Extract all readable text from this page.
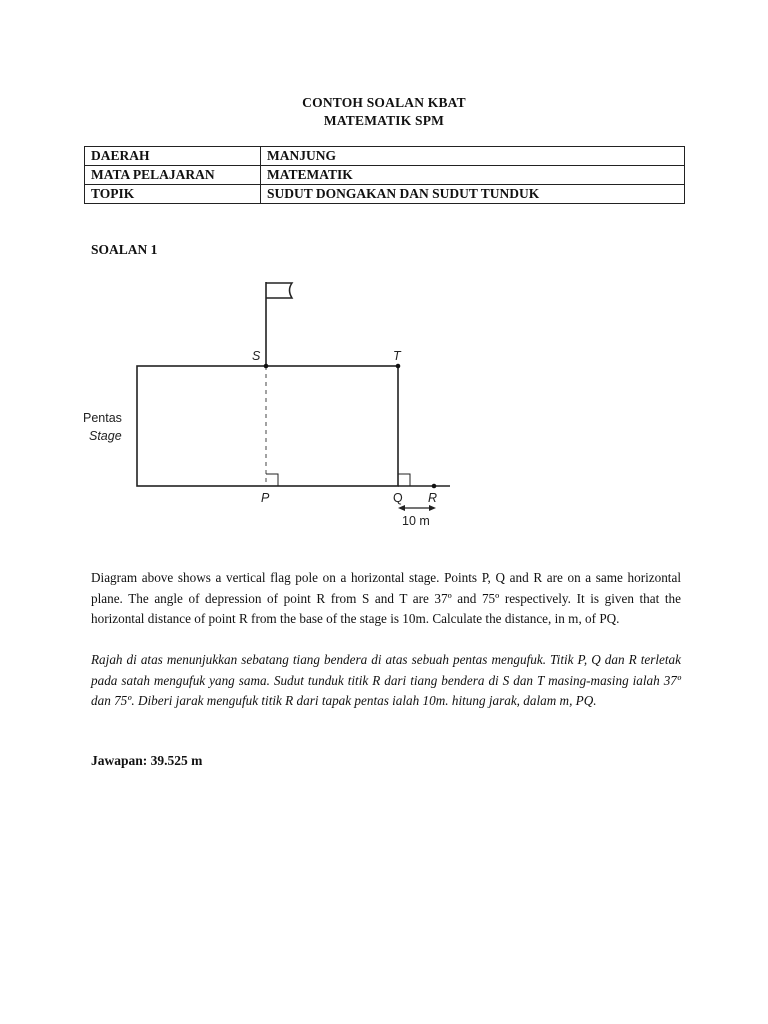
CONTOH SOALAN KBAT
MATEMATIK SPM
DAERAH	MANJUNG
MATA PELAJARAN	MATEMATIK
TOPIK	SUDUT DONGAKAN DAN SUDUT TUNDUK
SOALAN 1
S	T
P	Q R
Pentas
Stage
10 m
Diagram above shows a vertical flag pole on a horizontal stage. Points P, Q and R are on a same horizontal plane. The angle of depression of point R from S and T are 37º and 75º respectively. It is given that the horizontal distance of point R from the base of the stage is 10m. Calculate the distance, in m, of PQ.
Rajah di atas menunjukkan sebatang tiang bendera di atas sebuah pentas mengufuk. Titik P, Q dan R terletak pada satah mengufuk yang sama. Sudut tunduk titik R dari tiang bendera di S dan T masing-masing ialah 37º dan 75º. Diberi jarak mengufuk titik R dari tapak pentas ialah 10m. hitung jarak, dalam m, PQ.
Jawapan: 39.525 m
